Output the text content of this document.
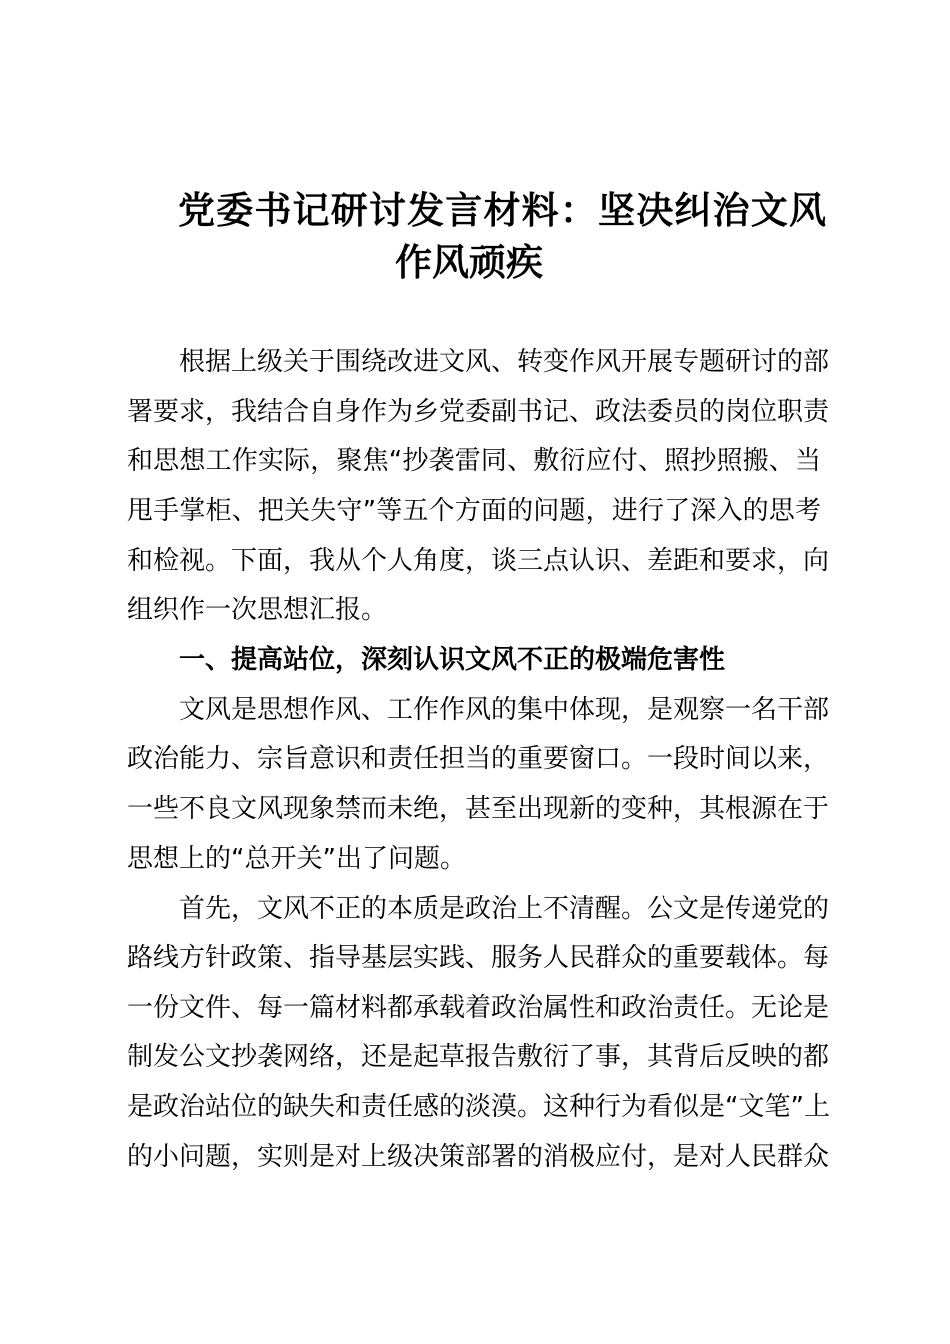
党委书记研讨发言材料：坚决纠治文风
作风顽疾
根据上级关于围绕改进文风、转变作风开展专题研讨的部
署要求，我结合自身作为乡党委副书记、政法委员的岗位职责
和思想工作实际，聚焦“抄袭雷同、敷衍应付、照抄照搬、当
甩手掌柜、把关失守”等五个方面的问题，进行了深入的思考
和检视。下面，我从个人角度，谈三点认识、差距和要求，向
组织作一次思想汇报。
一、提高站位，深刻认识文风不正的极端危害性
文风是思想作风、工作作风的集中体现，是观察一名干部
政治能力、宗旨意识和责任担当的重要窗口。一段时间以来，
一些不良文风现象禁而未绝，甚至出现新的变种，其根源在于
思想上的“总开关”出了问题。
首先，文风不正的本质是政治上不清醒。公文是传递党的
路线方针政策、指导基层实践、服务人民群众的重要载体。每
一份文件、每一篇材料都承载着政治属性和政治责任。无论是
制发公文抄袭网络，还是起草报告敷衍了事，其背后反映的都
是政治站位的缺失和责任感的淡漠。这种行为看似是“文笔”上
的小问题，实则是对上级决策部署的消极应付，是对人民群众
